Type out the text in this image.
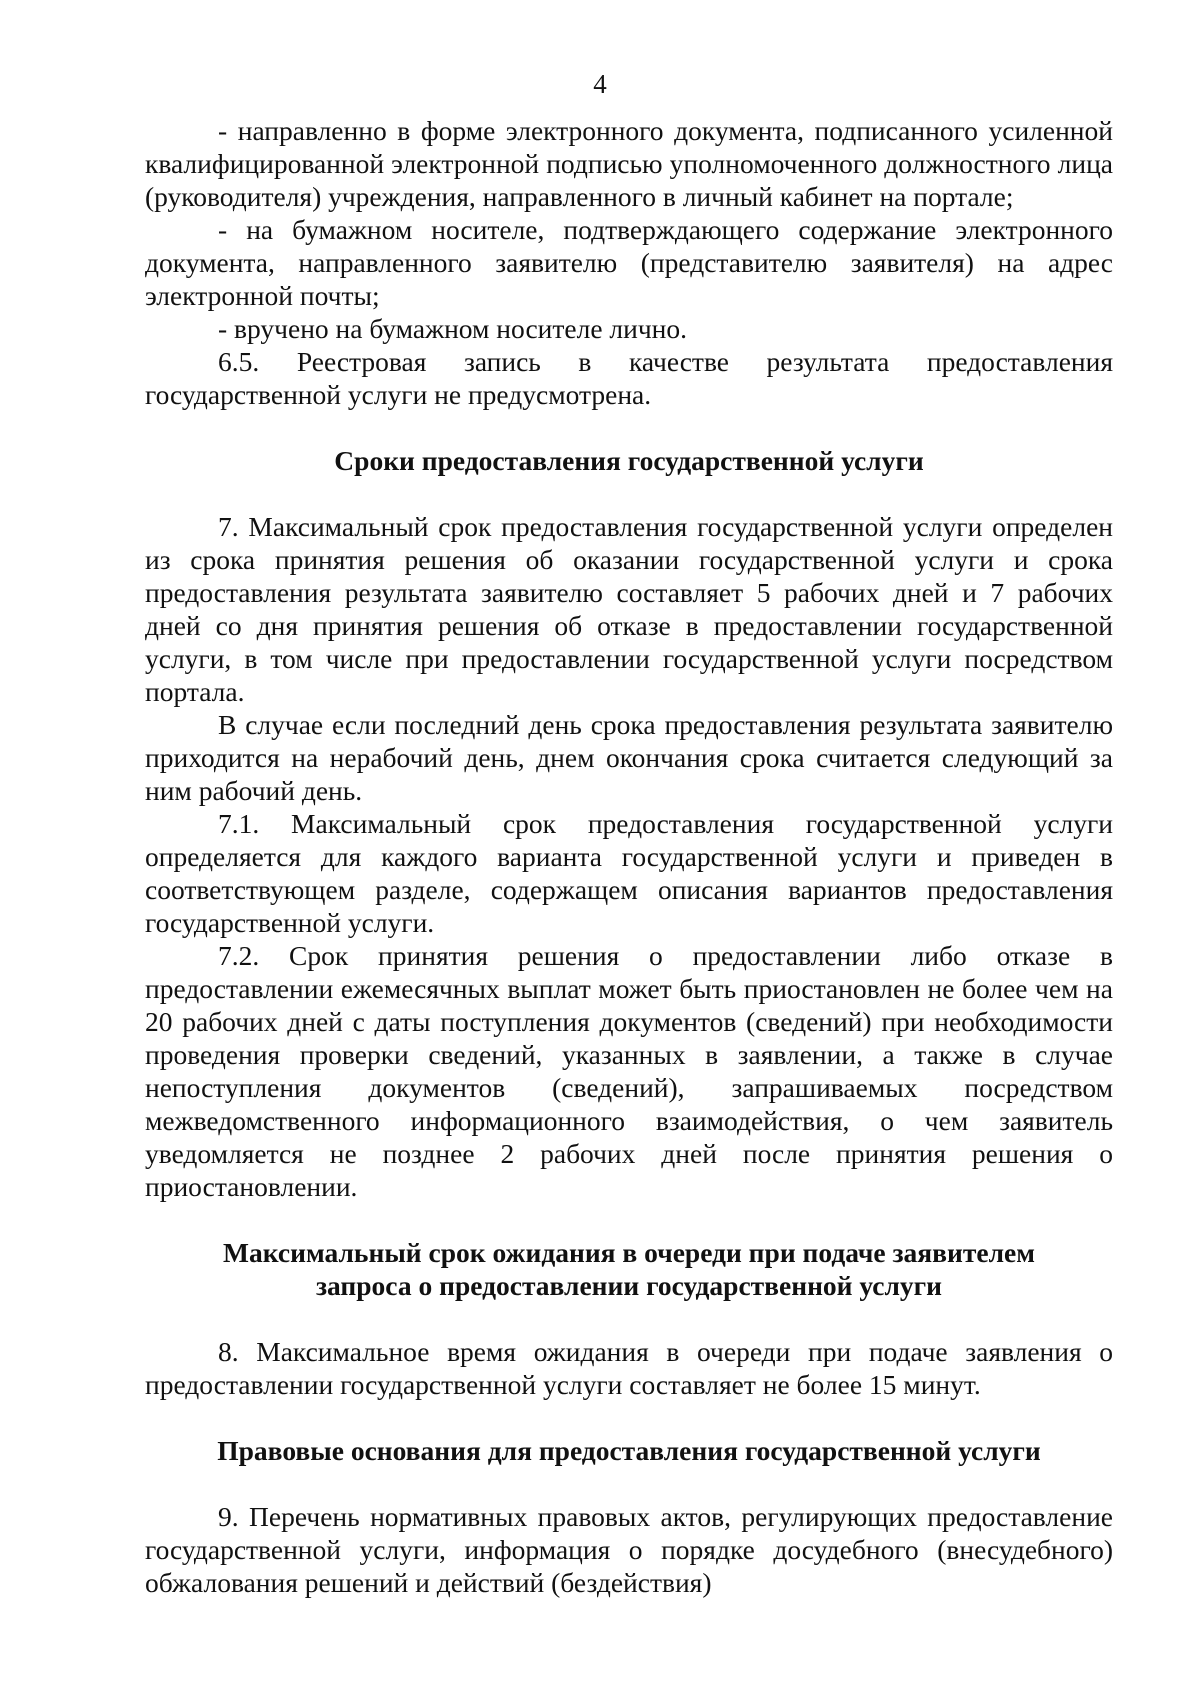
4

- направленно в форме электронного документа, подписанного усиленной квалифицированной электронной подписью уполномоченного должностного лица (руководителя) учреждения, направленного в личный кабинет на портале;

- на бумажном носителе, подтверждающего содержание электронного документа, направленного заявителю (представителю заявителя) на адрес электронной почты;

- вручено на бумажном носителе лично.

6.5. Реестровая запись в качестве результата предоставления государственной услуги не предусмотрена.

Сроки предоставления государственной услуги

7. Максимальный срок предоставления государственной услуги определен из срока принятия решения об оказании государственной услуги и срока предоставления результата заявителю составляет 5 рабочих дней и 7 рабочих дней со дня принятия решения об отказе в предоставлении государственной услуги, в том числе при предоставлении государственной услуги посредством портала.

В случае если последний день срока предоставления результата заявителю приходится на нерабочий день, днем окончания срока считается следующий за ним рабочий день.

7.1. Максимальный срок предоставления государственной услуги определяется для каждого варианта государственной услуги и приведен в соответствующем разделе, содержащем описания вариантов предоставления государственной услуги.

7.2. Срок принятия решения о предоставлении либо отказе в предоставлении ежемесячных выплат может быть приостановлен не более чем на 20 рабочих дней с даты поступления документов (сведений) при необходимости проведения проверки сведений, указанных в заявлении, а также в случае непоступления документов (сведений), запрашиваемых посредством межведомственного информационного взаимодействия, о чем заявитель уведомляется не позднее 2 рабочих дней после принятия решения о приостановлении.

Максимальный срок ожидания в очереди при подаче заявителем

запроса о предоставлении государственной услуги

8. Максимальное время ожидания в очереди при подаче заявления о предоставлении государственной услуги составляет не более 15 минут.

Правовые основания для предоставления государственной услуги

9. Перечень нормативных правовых актов, регулирующих предоставление государственной услуги, информация о порядке досудебного (внесудебного) обжалования решений и действий (бездействия)
